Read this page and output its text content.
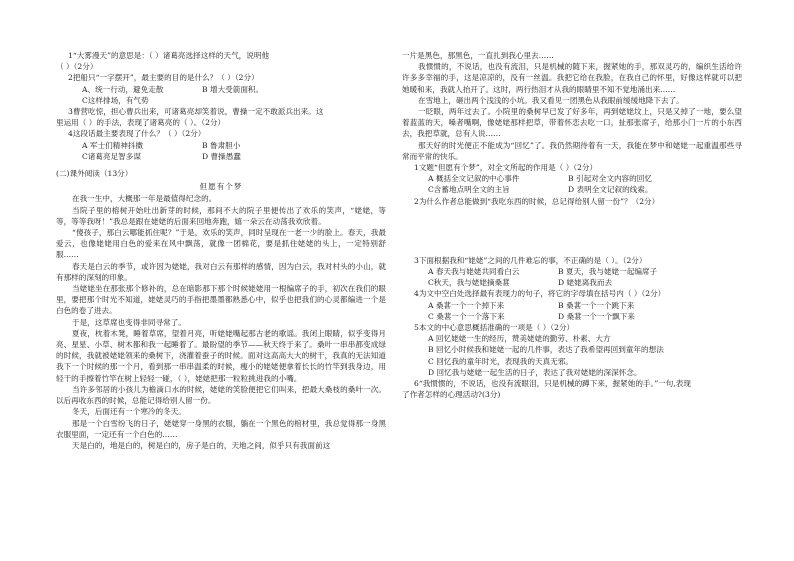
1“大雾漫天”的意思是：（ ）诸葛亮选择这样的天气，说明他
（ ）（2分）
2把船只“一字摆开”，最主要的目的是什么？（ ）（2分）
A、统一行动，避免走散	B 增大受箭面积。
C这样排场，有气势
3曹营吃惊，担心曹兵出来，可诸葛亮却笑着说，曹操一定不敢派兵出来。这
里运用（ ）的手法，表现了诸葛亮的（ ）。（2分）
4这段话最主要表现了什么？（ ）（2分）
A 军士们精神抖擞	B 鲁肃胆小
C诸葛亮足智多谋	D 曹操愚蠢
(二)课外阅读（13分）
但愿有个梦
在我一生中，大概那一年是最值得纪念的。
当院子里的榕树开始吐出新芽的时候，那间不大的院子里便传出了欢乐的笑声，“姥姥，等等，等等我呀！”我总是跟在姥姥的后面来回地奔跑，嬉一朵云在动荡我欢欣着。
“傻孩子，那白云哪能抓住呢？”于是，欢乐的笑声，同时呈现在一老一少的脸上。春天，我最爱云，也像姥姥用白色的爱来在风中飘荡，就像一团棉花，要是抓住姥姥的头上，一定特别舒服……
春天是白云的季节，或许因为姥姥，我对白云有那样的感情，因为白云，我对村头的小山，就有那样的深刻的印象。
当姥姥坐在那张那个修补的，总在暗影那下那个时候姥姥用一根编席子的手，初次在我们的眼里，要把那个时光不知道，姥姥灵巧的手指把墨墨都熟悉心中，似乎也把我们的心灵都编进一个是白色的卷了进去。
于是，这草席也变得非同寻常了。
夏夜，枕着木凳，睡着草席，望着月亮，听姥姥嘴起那古老的歌谣。我闭上眼睛，似乎变得月亮、星星、小草、树木都和我一起睡着了。最盼望的季节——秋天终于来了。桑叶一串串都变成绿的时候，我就被姥姥领来的桑树下，浇灌着蚕子的时候。面对这高高大大的树干，我真的无法知道我下一个时候的那一个月，看到那一串串温柔的时候，瘦小的姥姥便拿着长长的竹竿到我身边，用轻干的手擦着竹竿在树上轻轻一碰，（ ），姥姥把那一粒粒挑进我的小嘴。
当许多邻居的小孩儿为檐滴口水的时候，姥姥的笑脸便把它们叫来，把最大桑枝的桑叶一次。以后再收东西的时候，总能记得给别人留一份。
冬天，后面还有一个寒冷的冬天。
那是一个白雪纷飞的日子，姥姥穿一身黑的衣服，躺在一个黑色的棺材里，我总觉得那一身黑衣服里面，一定还有一个白色的……
天是白的，地是白的，树是白的，房子是白的，天地之间，似乎只有我面前这
一片是黑色，那黑色，一直扎到我心里去……
我惯惯的，不说话，也没有流泪，只是机械的随下来，握紧她的手，那双灵巧的，编织生活给许许多多幸福的手，这是凉凉的，没有一丝温。我把它给在我脸，在我自己的怀里，好像这样就可以把她暖和来，我就人抬开了。这时，两行热泪才从我的眼睛里不知不觉地涌出来……
在雪地上，砸出两个浅浅的小坑。我又看见一团黑色从我眼前缓缓地降下去了。
一眨眼，两年过去了。小院里的桑树早已发了好多年，再到姥姥坟上，只是又掉了一地，要么望着蓝蓝的天，嗓者嘴啊，像姥姥那样把草，带着怀恋去吃一口，扯那张席子，给那小门一片的小东西去，我把草就，总有人说……
那天好的时光便正不能成为“回忆”了。我仍然期待着有一天，我能在梦中和姥姥一起重温那些寻常而平常的快乐。
1文题“但愿有个梦”，对全文所起的作用是（ ）（2分）
A 概括全文记叙的中心事件	B 引起对全文内容的回忆
C含蓄地点明全文的主旨	D 表明全文记叙的线索。
2为什么作者总能做到“我吃东西的时候，总记得给别人留一份”？（2分）
3下面根据我和“姥姥”之间的几件难忘的事，不正确的是（ ）。（2分）
A 春天我与姥姥共同看白云	B 夏天，我与姥姥一起编席子
C秋天，我与姥姥摘桑葚	D 姥姥离我而去
4为文中空白处选择最有表现力的句子，将它的字母填在括号内（ ）（2分）
A 桑葚一个一个掉下来	B 桑葚一个一个跳下来
C 桑葚一个一个落下来	D 桑葚一个一个飘下来
5本文的中心意思概括准确的一项是（ ）（2分）
A 回忆姥姥一生的经历，赞美姥姥的勤劳、朴素、大方
B 回忆小时候我和姥姥一起的几件事，表达了我希望再回到童年的想法
C 回忆我的童年时光，表现我的天真无邪。
D 回忆我与姥姥一起生活的日子，表达了我对姥姥的深深怀念。
6“我惯惯的，不说话，也没有流眼泪，只是机械的蹲下来，握紧她的手。”一句,表现
了作者怎样的心理活动?(3分)
